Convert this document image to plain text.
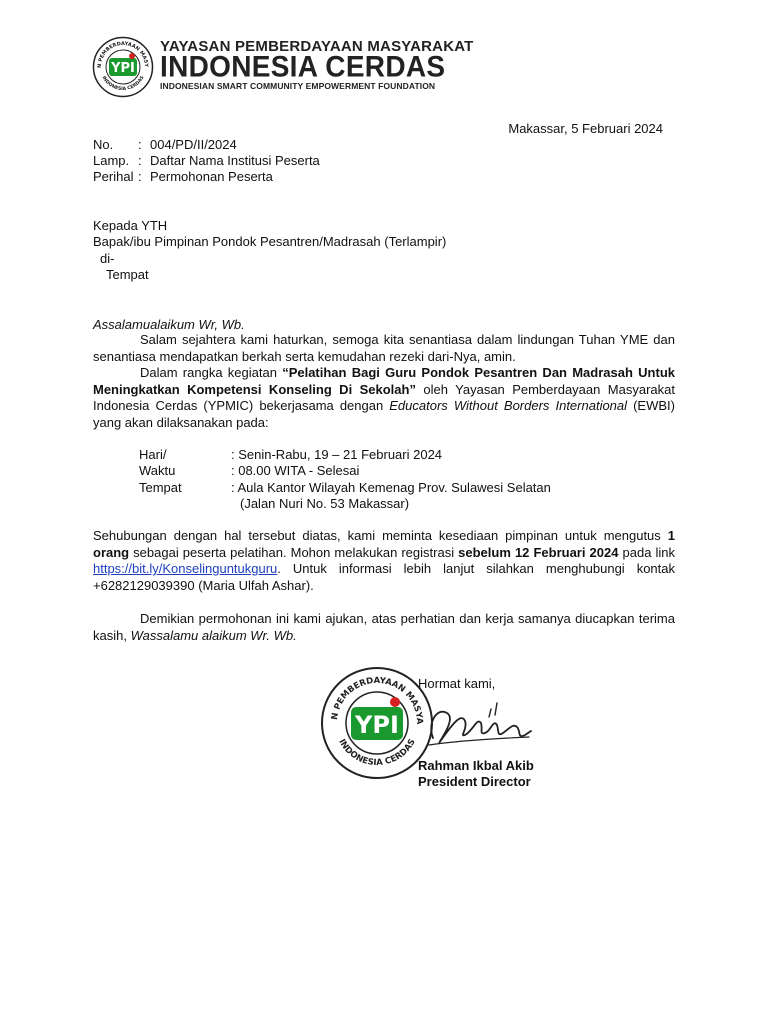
N PEMBERDAYAAN MASY
INDONESIA CERDAS
YPI
YAYASAN PEMBERDAYAAN MASYARAKAT
INDONESIA CERDAS
INDONESIAN SMART COMMUNITY EMPOWERMENT FOUNDATION
Makassar, 5 Februari 2024
No. : 004/PD/II/2024
Lamp. : Daftar Nama Institusi Peserta
Perihal : Permohonan Peserta
Kepada YTH
Bapak/ibu Pimpinan Pondok Pesantren/Madrasah (Terlampir)
di-
Tempat
Assalamualaikum Wr, Wb.
Salam sejahtera kami haturkan, semoga kita senantiasa dalam lindungan Tuhan YME dan senantiasa mendapatkan berkah serta kemudahan rezeki dari-Nya, amin.
Dalam rangka kegiatan “Pelatihan Bagi Guru Pondok Pesantren Dan Madrasah Untuk Meningkatkan Kompetensi Konseling Di Sekolah” oleh Yayasan Pemberdayaan Masyarakat Indonesia Cerdas (YPMIC) bekerjasama dengan Educators Without Borders International (EWBI) yang akan dilaksanakan pada:
Hari/	: Senin-Rabu, 19 – 21 Februari 2024
Waktu	: 08.00 WITA - Selesai
Tempat	: Aula Kantor Wilayah Kemenag Prov. Sulawesi Selatan
(Jalan Nuri No. 53 Makassar)
Sehubungan dengan hal tersebut diatas, kami meminta kesediaan pimpinan untuk mengutus 1 orang sebagai peserta pelatihan. Mohon melakukan registrasi sebelum 12 Februari 2024 pada link https://bit.ly/Konselinguntukguru. Untuk informasi lebih lanjut silahkan menghubungi kontak +6282129039390 (Maria Ulfah Ashar).
Demikian permohonan ini kami ajukan, atas perhatian dan kerja samanya diucapkan terima kasih, Wassalamu alaikum Wr. Wb.
Hormat kami,
N PEMBERDAYAAN MASYA
INDONESIA CERDAS
YPI
Rahman Ikbal Akib
President Director
